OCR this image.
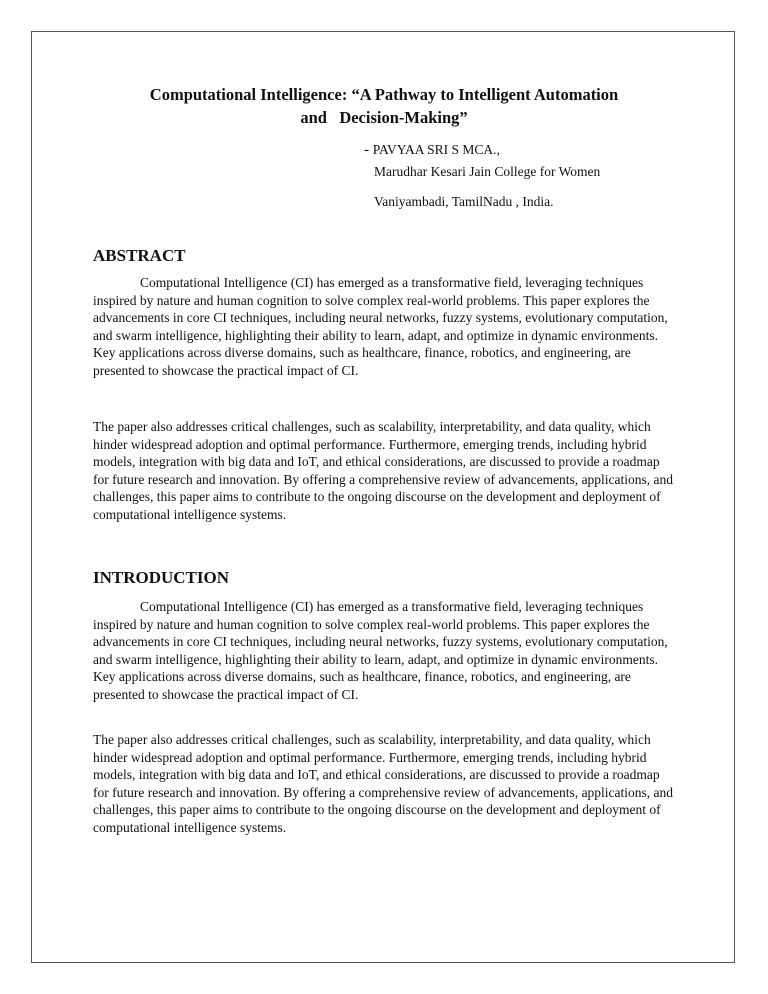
Computational Intelligence: “A Pathway to Intelligent Automation
and   Decision-Making”
- PAVYAA SRI S MCA.,
Marudhar Kesari Jain College for Women
Vaniyambadi, TamilNadu , India.
ABSTRACT

Computational Intelligence (CI) has emerged as a transformative field, leveraging techniques inspired by nature and human cognition to solve complex real-world problems. This paper explores the advancements in core CI techniques, including neural networks, fuzzy systems, evolutionary computation, and swarm intelligence, highlighting their ability to learn, adapt, and optimize in dynamic environments. Key applications across diverse domains, such as healthcare, finance, robotics, and engineering, are presented to showcase the practical impact of CI.

The paper also addresses critical challenges, such as scalability, interpretability, and data quality, which hinder widespread adoption and optimal performance. Furthermore, emerging trends, including hybrid models, integration with big data and IoT, and ethical considerations, are discussed to provide a roadmap for future research and innovation. By offering a comprehensive review of advancements, applications, and challenges, this paper aims to contribute to the ongoing discourse on the development and deployment of computational intelligence systems.

INTRODUCTION

Computational Intelligence (CI) has emerged as a transformative field, leveraging techniques inspired by nature and human cognition to solve complex real-world problems. This paper explores the advancements in core CI techniques, including neural networks, fuzzy systems, evolutionary computation, and swarm intelligence, highlighting their ability to learn, adapt, and optimize in dynamic environments. Key applications across diverse domains, such as healthcare, finance, robotics, and engineering, are presented to showcase the practical impact of CI.

The paper also addresses critical challenges, such as scalability, interpretability, and data quality, which hinder widespread adoption and optimal performance. Furthermore, emerging trends, including hybrid models, integration with big data and IoT, and ethical considerations, are discussed to provide a roadmap for future research and innovation. By offering a comprehensive review of advancements, applications, and challenges, this paper aims to contribute to the ongoing discourse on the development and deployment of computational intelligence systems.
